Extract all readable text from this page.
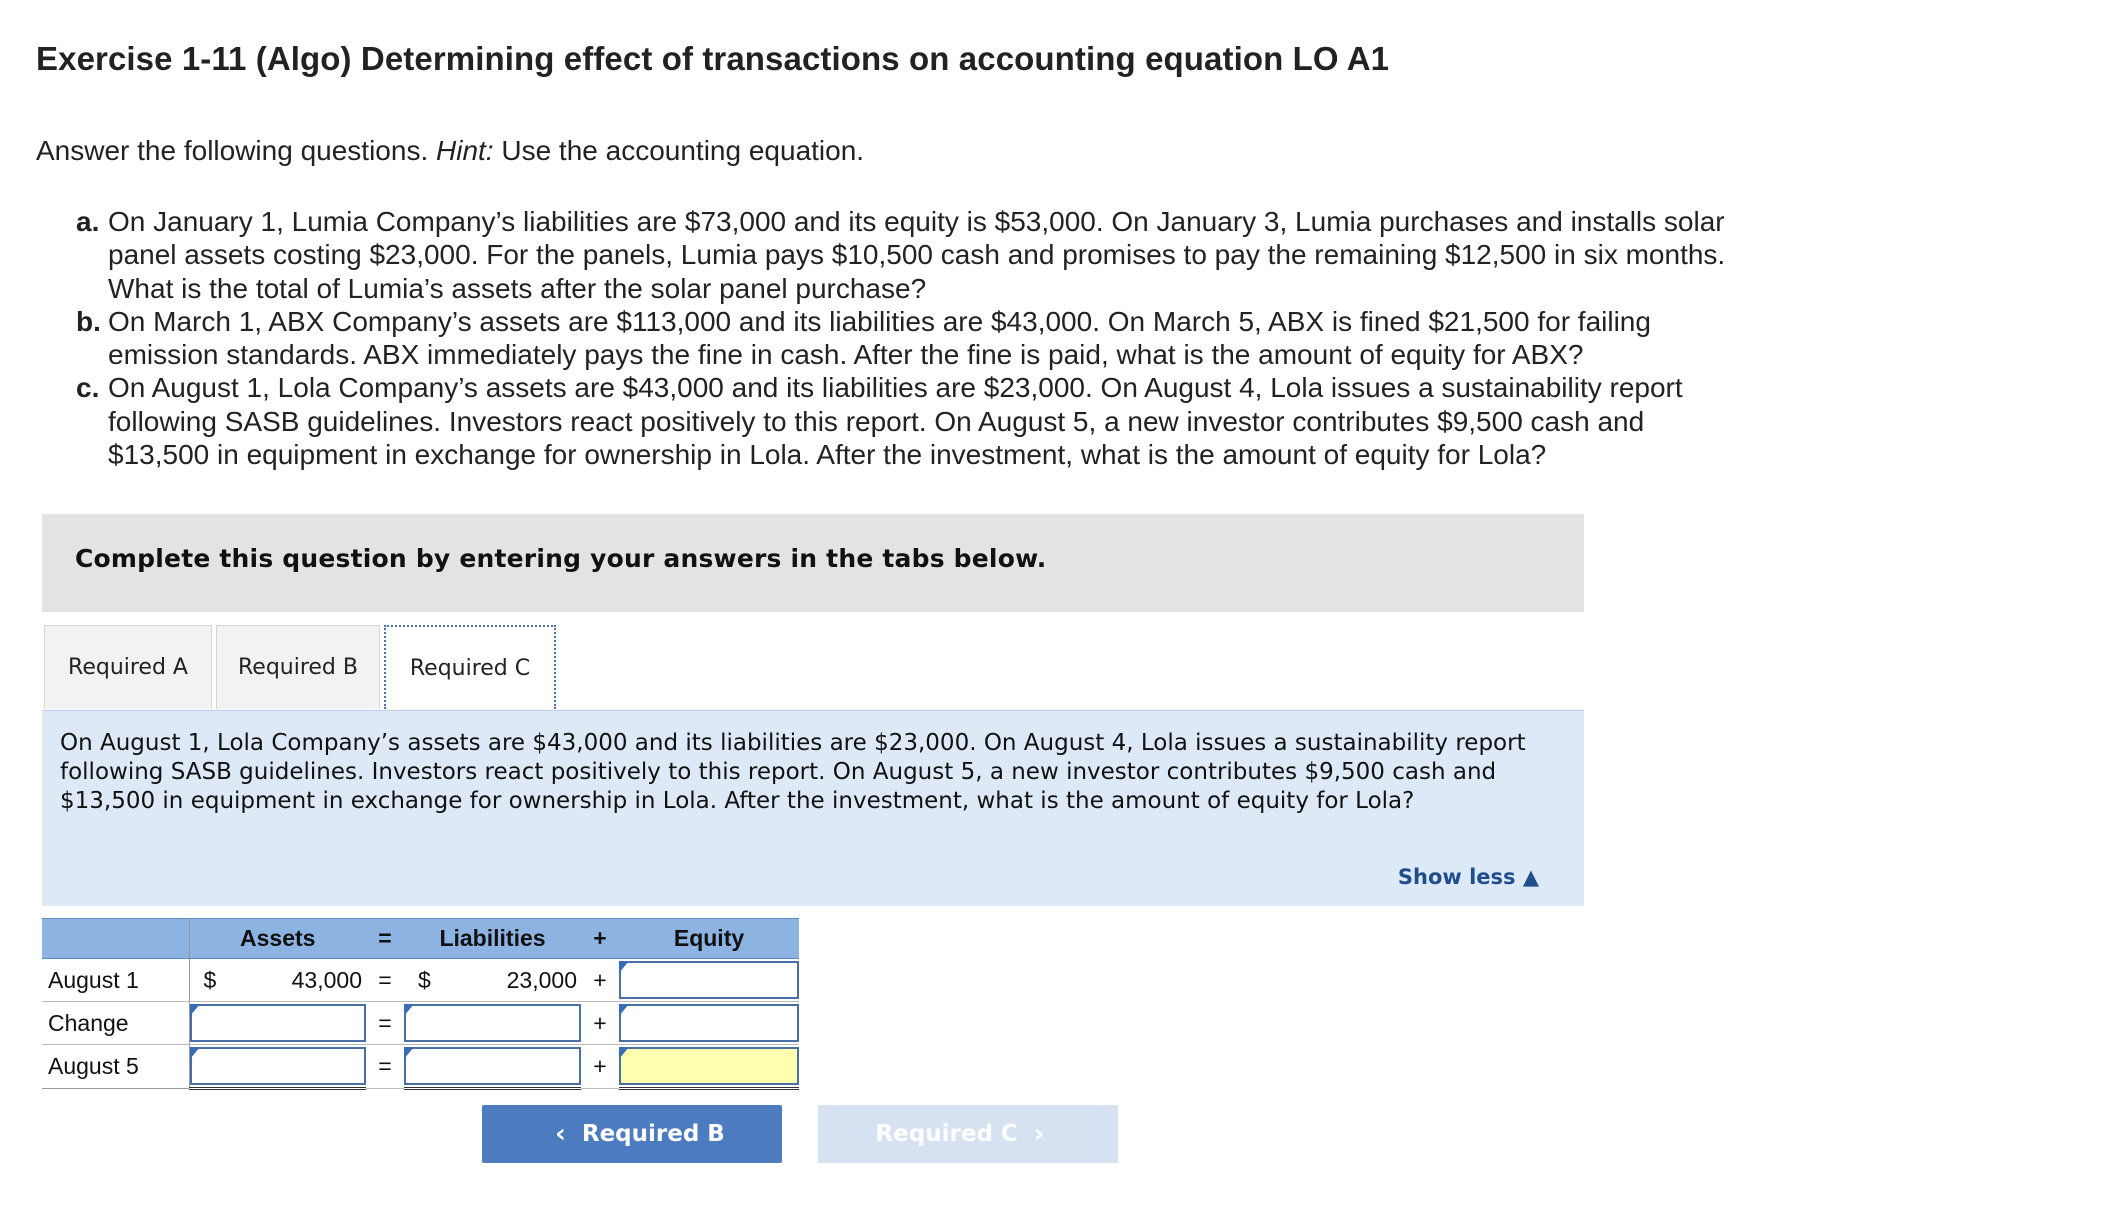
Exercise 1-11 (Algo) Determining effect of transactions on accounting equation LO A1
Answer the following questions. Hint: Use the accounting equation.
a. On January 1, Lumia Company’s liabilities are $73,000 and its equity is $53,000. On January 3, Lumia purchases and installs solar panel assets costing $23,000. For the panels, Lumia pays $10,500 cash and promises to pay the remaining $12,500 in six months. What is the total of Lumia’s assets after the solar panel purchase?
b. On March 1, ABX Company’s assets are $113,000 and its liabilities are $43,000. On March 5, ABX is fined $21,500 for failing emission standards. ABX immediately pays the fine in cash. After the fine is paid, what is the amount of equity for ABX?
c. On August 1, Lola Company’s assets are $43,000 and its liabilities are $23,000. On August 4, Lola issues a sustainability report following SASB guidelines. Investors react positively to this report. On August 5, a new investor contributes $9,500 cash and $13,500 in equipment in exchange for ownership in Lola. After the investment, what is the amount of equity for Lola?
Complete this question by entering your answers in the tabs below.
Required A	Required B	Required C
On August 1, Lola Company’s assets are $43,000 and its liabilities are $23,000. On August 4, Lola issues a sustainability report following SASB guidelines. Investors react positively to this report. On August 5, a new investor contributes $9,500 cash and $13,500 in equipment in exchange for ownership in Lola. After the investment, what is the amount of equity for Lola?
Show less ▲
	Assets		=	Liabilities		+	Equity
August 1	$	43,000	=	$	23,000	+	

Change			=			+	

August 5			=			+	
‹ Required B	Required C ›
